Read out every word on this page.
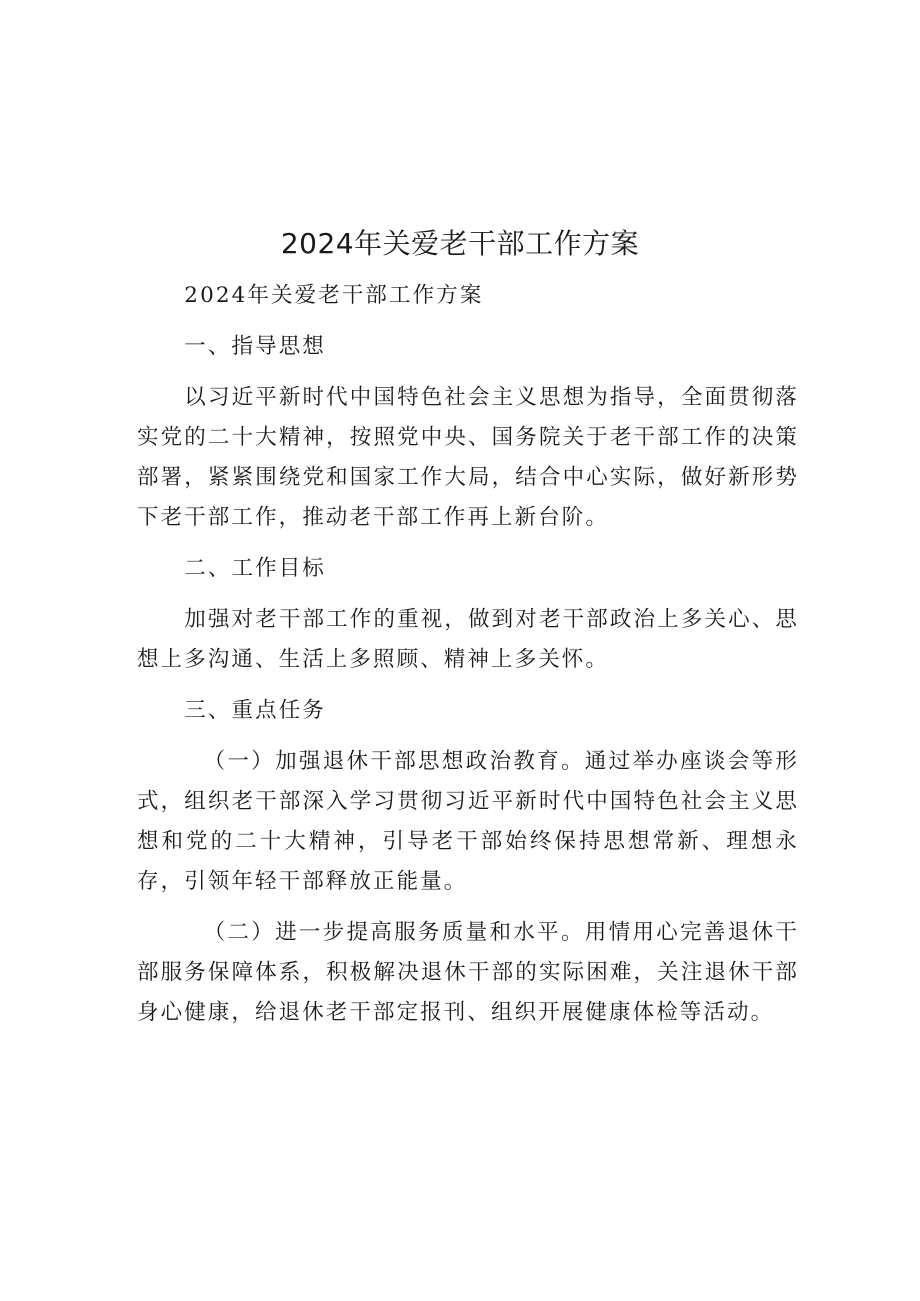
2024年关爱老干部工作方案

2024年关爱老干部工作方案

一、指导思想

以习近平新时代中国特色社会主义思想为指导，全面贯彻落实党的二十大精神，按照党中央、国务院关于老干部工作的决策部署，紧紧围绕党和国家工作大局，结合中心实际，做好新形势下老干部工作，推动老干部工作再上新台阶。

二、工作目标

加强对老干部工作的重视，做到对老干部政治上多关心、思想上多沟通、生活上多照顾、精神上多关怀。

三、重点任务

（一）加强退休干部思想政治教育。通过举办座谈会等形式，组织老干部深入学习贯彻习近平新时代中国特色社会主义思想和党的二十大精神，引导老干部始终保持思想常新、理想永存，引领年轻干部释放正能量。

（二）进一步提高服务质量和水平。用情用心完善退休干部服务保障体系，积极解决退休干部的实际困难，关注退休干部身心健康，给退休老干部定报刊、组织开展健康体检等活动。
